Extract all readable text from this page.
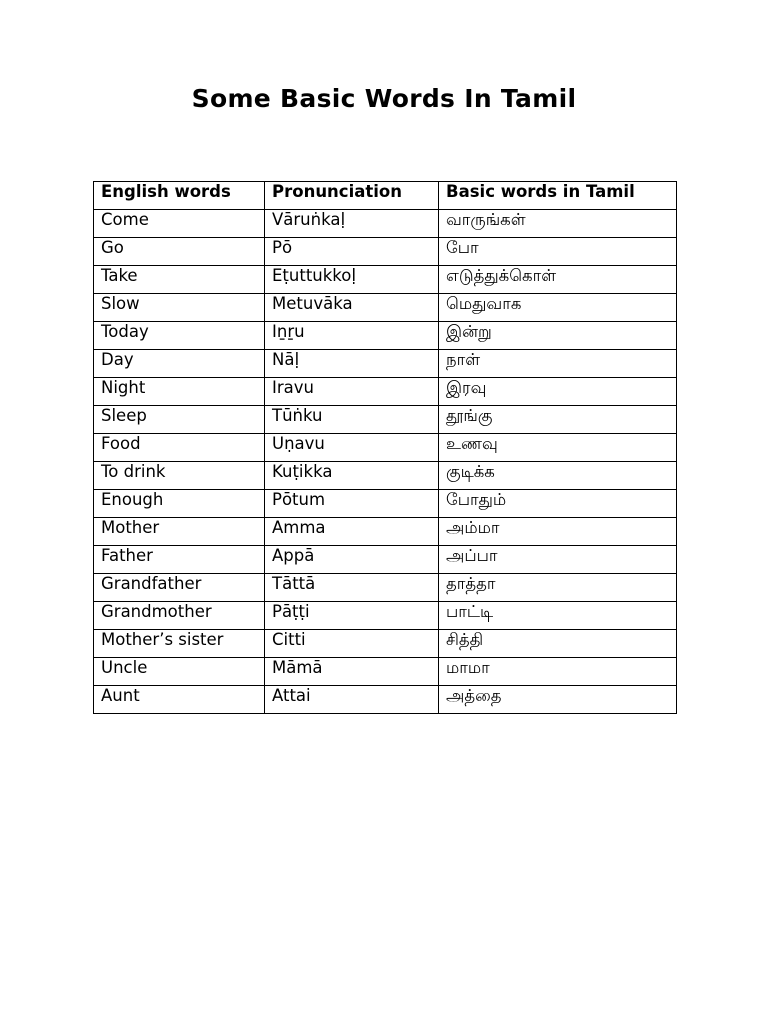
Some Basic Words In Tamil
English words	Pronunciation	Basic words in Tamil
Come	Vāruṅkaḷ	வாருங்கள்
Go	Pō	போ
Take	Eṭuttukkoḷ	எடுத்துக்கொள்
Slow	Metuvāka	மெதுவாக
Today	Iṉṟu	இன்று
Day	Nāḷ	நாள்
Night	Iravu	இரவு
Sleep	Tūṅku	தூங்கு
Food	Uṇavu	உணவு
To drink	Kuṭikka	குடிக்க
Enough	Pōtum	போதும்
Mother	Amma	அம்மா
Father	Appā	அப்பா
Grandfather	Tāttā	தாத்தா
Grandmother	Pāṭṭi	பாட்டி
Mother’s sister	Citti	சித்தி
Uncle	Māmā	மாமா
Aunt	Attai	அத்தை
